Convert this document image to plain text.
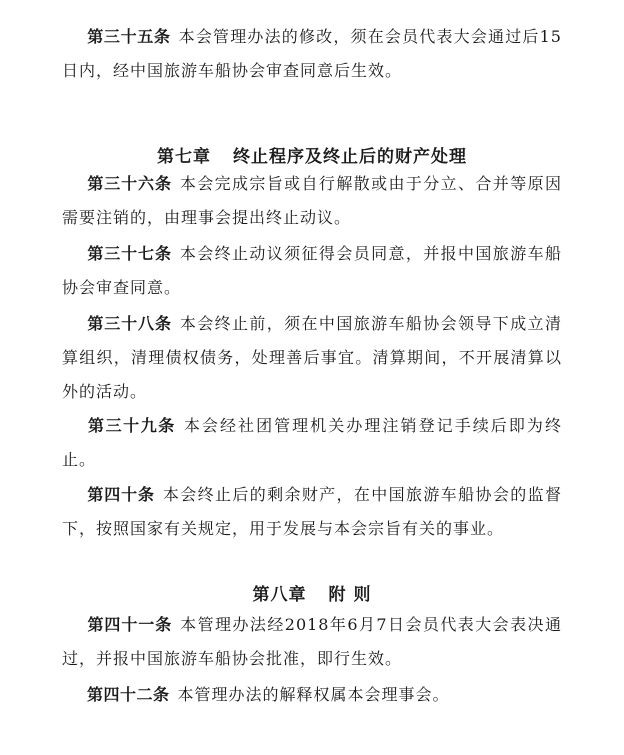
第三十五条 本会管理办法的修改，须在会员代表大会通过后15日内，经中国旅游车船协会审查同意后生效。

第七章 终止程序及终止后的财产处理

第三十六条 本会完成宗旨或自行解散或由于分立、合并等原因需要注销的，由理事会提出终止动议。

第三十七条 本会终止动议须征得会员同意，并报中国旅游车船协会审查同意。

第三十八条 本会终止前，须在中国旅游车船协会领导下成立清算组织，清理债权债务，处理善后事宜。清算期间，不开展清算以外的活动。

第三十九条 本会经社团管理机关办理注销登记手续后即为终止。

第四十条 本会终止后的剩余财产，在中国旅游车船协会的监督下，按照国家有关规定，用于发展与本会宗旨有关的事业。

第八章 附 则

第四十一条 本管理办法经2018年6月7日会员代表大会表决通过，并报中国旅游车船协会批准，即行生效。

第四十二条 本管理办法的解释权属本会理事会。
